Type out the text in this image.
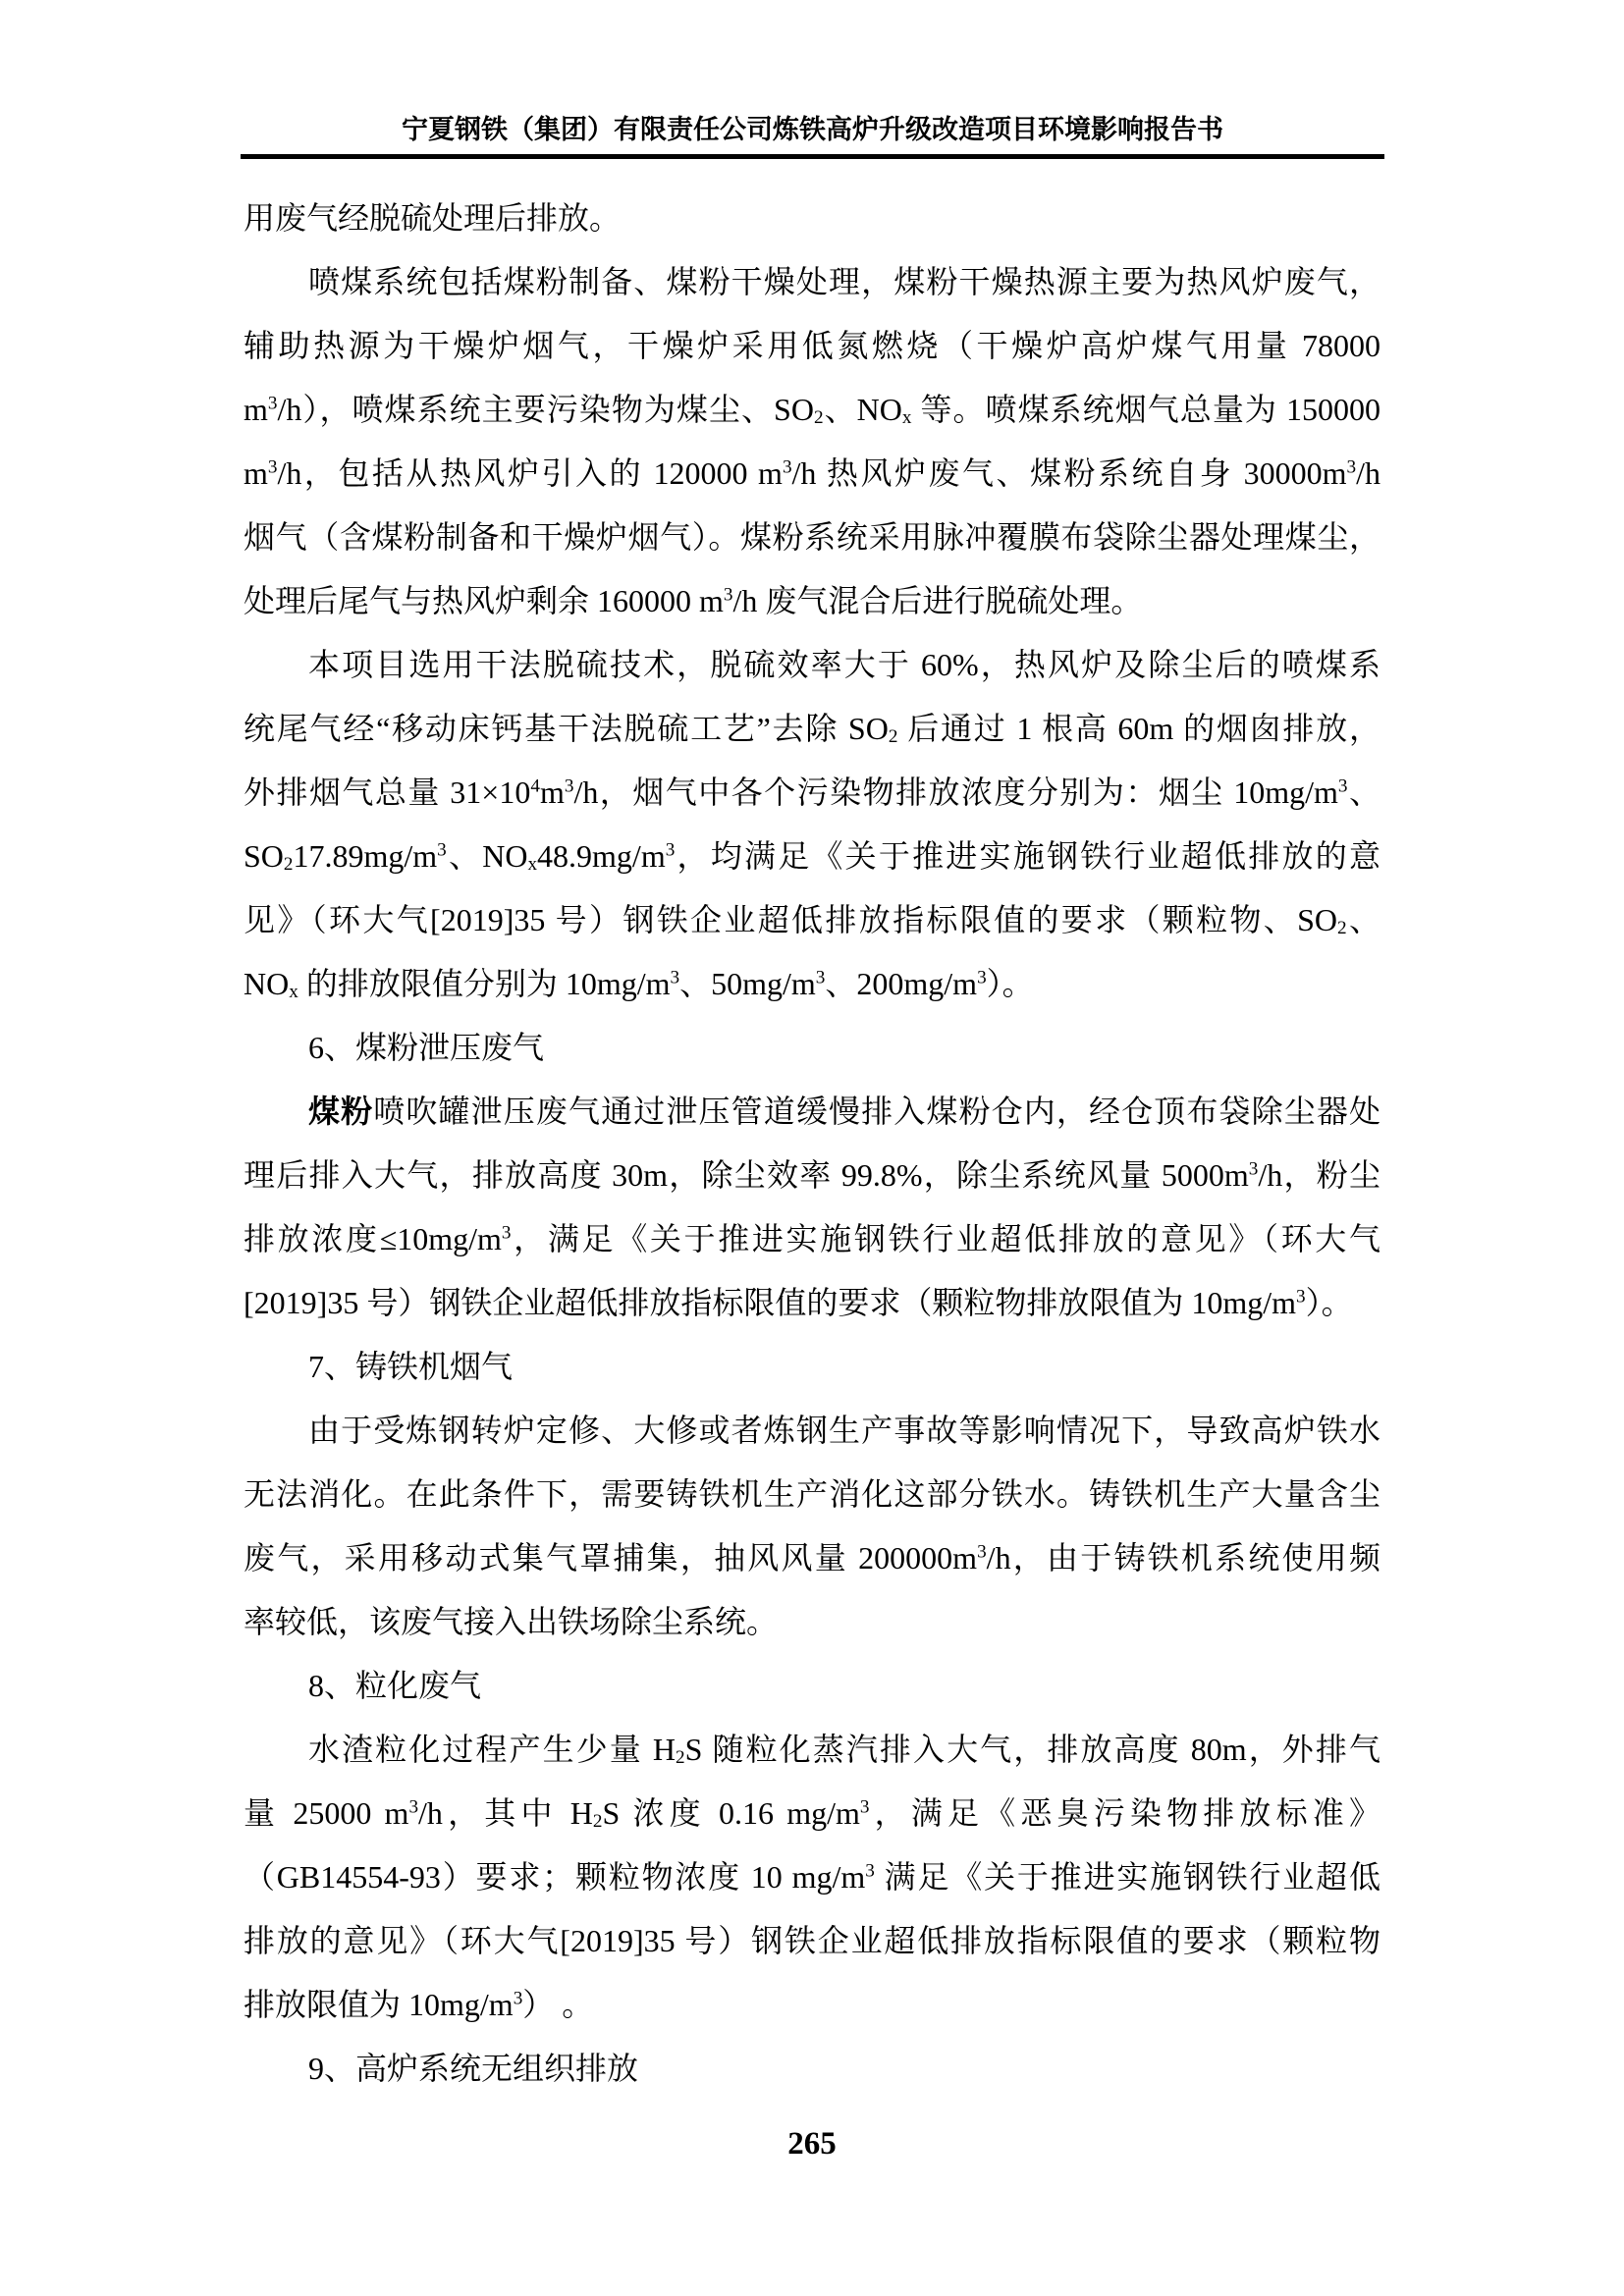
宁夏钢铁（集团）有限责任公司炼铁高炉升级改造项目环境影响报告书
用废气经脱硫处理后排放。
喷煤系统包括煤粉制备、煤粉干燥处理，煤粉干燥热源主要为热风炉废气，
辅助热源为干燥炉烟气，干燥炉采用低氮燃烧（干燥炉高炉煤气用量 78000
$m^3/h$），喷煤系统主要污染物为煤尘、$SO_2$、$NO_x$ 等。喷煤系统烟气总量为 150000
$m^3/h$，包括从热风炉引入的 120000 $m^3/h$ 热风炉废气、煤粉系统自身 $30000m^3/h$
烟气（含煤粉制备和干燥炉烟气）。煤粉系统采用脉冲覆膜布袋除尘器处理煤尘，
处理后尾气与热风炉剩余 160000 $m^3/h$ 废气混合后进行脱硫处理。
本项目选用干法脱硫技术，脱硫效率大于 60%，热风炉及除尘后的喷煤系
统尾气经“移动床钙基干法脱硫工艺”去除 $SO_2$ 后通过 1 根高 60m 的烟囱排放，
外排烟气总量 $31\times 10^4m^3/h$，烟气中各个污染物排放浓度分别为：烟尘 $10mg/m^3$、
$SO_217.89mg/m^3$、$NO_x48.9mg/m^3$，均满足《关于推进实施钢铁行业超低排放的意
见》（环大气[2019]35 号）钢铁企业超低排放指标限值的要求（颗粒物、$SO_2$、
$NO_x$ 的排放限值分别为 $10mg/m^3$、$50mg/m^3$、$200mg/m^3$）。
6、煤粉泄压废气
煤粉喷吹罐泄压废气通过泄压管道缓慢排入煤粉仓内，经仓顶布袋除尘器处
理后排入大气，排放高度 30m，除尘效率 99.8%，除尘系统风量 $5000m^3/h$，粉尘
排放浓度$\le 10mg/m^3$，满足《关于推进实施钢铁行业超低排放的意见》（环大气
[2019]35 号）钢铁企业超低排放指标限值的要求（颗粒物排放限值为 $10mg/m^3$）。
7、铸铁机烟气
由于受炼钢转炉定修、大修或者炼钢生产事故等影响情况下，导致高炉铁水
无法消化。在此条件下，需要铸铁机生产消化这部分铁水。铸铁机生产大量含尘
废气，采用移动式集气罩捕集，抽风风量 $200000m^3/h$，由于铸铁机系统使用频
率较低，该废气接入出铁场除尘系统。
8、粒化废气
水渣粒化过程产生少量 $H_2S$ 随粒化蒸汽排入大气，排放高度 80m，外排气
量 25000 $m^3/h$，其中 $H_2S$ 浓度 0.16 $mg/m^3$，满足《恶臭污染物排放标准》
（GB14554-93）要求；颗粒物浓度 10 $mg/m^3$ 满足《关于推进实施钢铁行业超低
排放的意见》（环大气[2019]35 号）钢铁企业超低排放指标限值的要求（颗粒物
排放限值为 $10mg/m^3$） 。
9、高炉系统无组织排放
265
